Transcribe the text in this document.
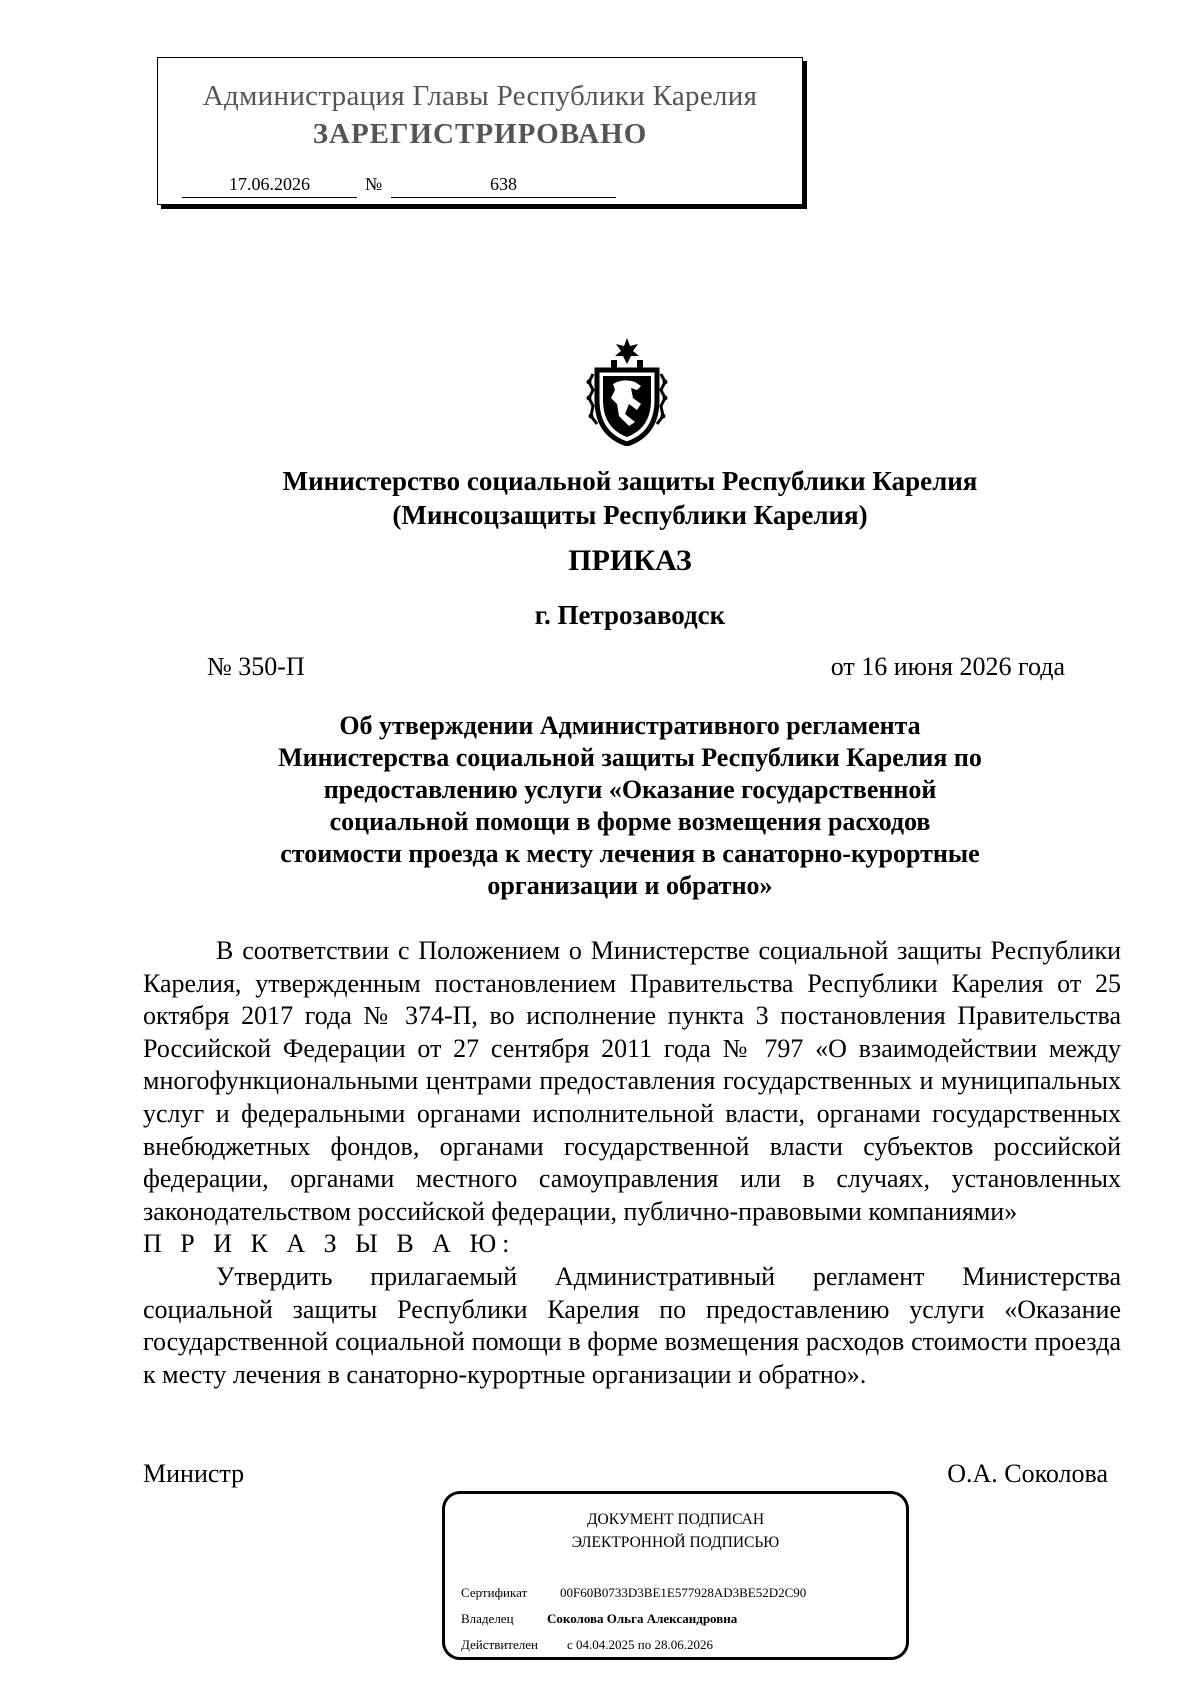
Администрация Главы Республики Карелия
ЗАРЕГИСТРИРОВАНО
17.06.2026	№	638
Министерство социальной защиты Республики Карелия
(Минсоцзащиты Республики Карелия)
ПРИКАЗ
г. Петрозаводск
№ 350-П	от 16 июня 2026 года
Об утверждении Административного регламента
Министерства социальной защиты Республики Карелия по
предоставлению услуги «Оказание государственной
социальной помощи в форме возмещения расходов
стоимости проезда к месту лечения в санаторно-курортные
организации и обратно»

В соответствии с Положением о Министерстве социальной защиты Республики Карелия, утвержденным постановлением Правительства Республики Карелия от 25 октября 2017 года № 374-П, во исполнение пункта 3 постановления Правительства Российской Федерации от 27 сентября 2011 года № 797 «О взаимодействии между многофункциональными центрами предоставления государственных и муниципальных услуг и федеральными органами исполнительной власти, органами государственных внебюджетных фондов, органами государственной власти субъектов российской федерации, органами местного самоуправления или в случаях, установленных законодательством российской федерации, публично-правовыми компаниями»

П Р И К А З Ы В А Ю:

Утвердить прилагаемый Административный регламент Министерства социальной защиты Республики Карелия по предоставлению услуги «Оказание государственной социальной помощи в форме возмещения расходов стоимости проезда к месту лечения в санаторно-курортные организации и обратно».

Министр	О.А. Соколова
ДОКУМЕНТ ПОДПИСАН
ЭЛЕКТРОННОЙ ПОДПИСЬЮ
Сертификат	00F60B0733D3BE1E577928AD3BE52D2C90
Владелец	Соколова Ольга Александровна
Действителен с 04.04.2025 по 28.06.2026
